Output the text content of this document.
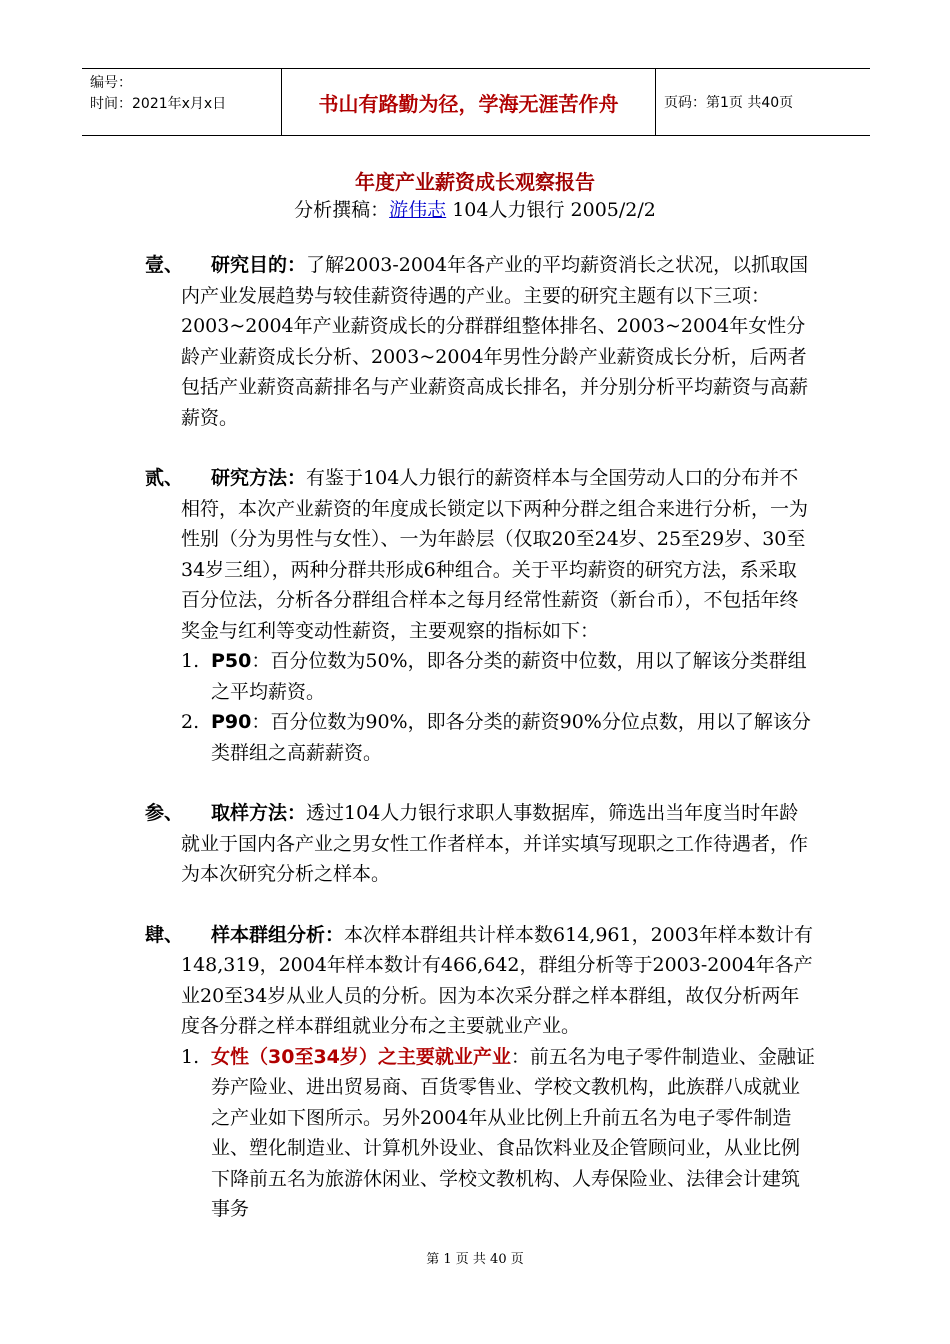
编号：
时间：2021年x月x日	书山有路勤为径，学海无涯苦作舟	页码：第1页 共40页
年度产业薪资成长观察报告
分析撰稿：游伟志 104人力银行 2005/2/2
壹、 研究目的：了解2003-2004年各产业的平均薪资消长之状况，以抓取国内产业发展趋势与较佳薪资待遇的产业。主要的研究主题有以下三项：2003~2004年产业薪资成长的分群群组整体排名、2003~2004年女性分龄产业薪资成长分析、2003~2004年男性分龄产业薪资成长分析，后两者包括产业薪资高薪排名与产业薪资高成长排名，并分别分析平均薪资与高薪薪资。
贰、 研究方法：有鉴于104人力银行的薪资样本与全国劳动人口的分布并不相符，本次产业薪资的年度成长锁定以下两种分群之组合来进行分析，一为性别（分为男性与女性）、一为年龄层（仅取20至24岁、25至29岁、30至34岁三组），两种分群共形成6种组合。关于平均薪资的研究方法，系采取百分位法，分析各分群组合样本之每月经常性薪资（新台币），不包括年终奖金与红利等变动性薪资，主要观察的指标如下：
1. P50：百分位数为50%，即各分类的薪资中位数，用以了解该分类群组之平均薪资。
2. P90：百分位数为90%，即各分类的薪资90%分位点数，用以了解该分类群组之高薪薪资。
参、 取样方法：透过104人力银行求职人事数据库，筛选出当年度当时年龄就业于国内各产业之男女性工作者样本，并详实填写现职之工作待遇者，作为本次研究分析之样本。
肆、 样本群组分析：本次样本群组共计样本数614,961，2003年样本数计有148,319，2004年样本数计有466,642，群组分析等于2003-2004年各产业20至34岁从业人员的分析。因为本次采分群之样本群组，故仅分析两年度各分群之样本群组就业分布之主要就业产业。
1. 女性（30至34岁）之主要就业产业：前五名为电子零件制造业、金融证券产险业、进出贸易商、百货零售业、学校文教机构，此族群八成就业之产业如下图所示。另外2004年从业比例上升前五名为电子零件制造业、塑化制造业、计算机外设业、食品饮料业及企管顾问业，从业比例下降前五名为旅游休闲业、学校文教机构、人寿保险业、法律会计建筑事务
第 1 页 共 40 页
